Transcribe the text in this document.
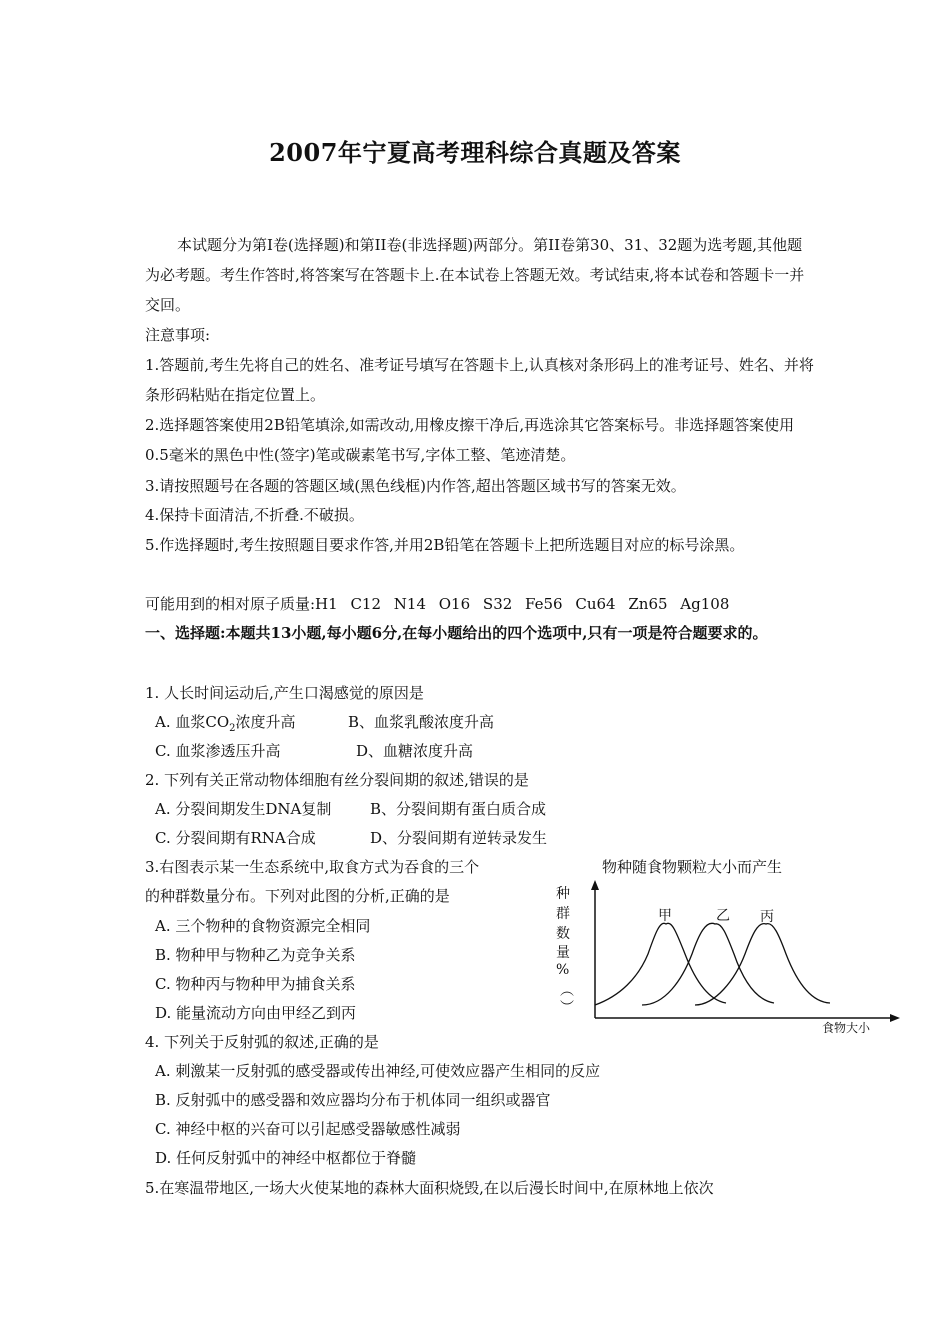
2007年宁夏高考理科综合真题及答案
本试题分为第Ⅰ卷(选择题)和第II卷(非选择题)两部分。第II卷第30、31、32题为选考题,其他题为必考题。考生作答时,将答案写在答题卡上.在本试卷上答题无效。考试结束,将本试卷和答题卡一并交回。
注意事项:
1.答题前,考生先将自己的姓名、准考证号填写在答题卡上,认真核对条形码上的准考证号、姓名、并将条形码粘贴在指定位置上。
2.选择题答案使用2B铅笔填涂,如需改动,用橡皮擦干净后,再选涂其它答案标号。非选择题答案使用0.5毫米的黑色中性(签字)笔或碳素笔书写,字体工整、笔迹清楚。
3.请按照题号在各题的答题区域(黑色线框)内作答,超出答题区域书写的答案无效。
4.保持卡面清洁,不折叠.不破损。
5.作选择题时,考生按照题目要求作答,并用2B铅笔在答题卡上把所选题目对应的标号涂黑。
可能用到的相对原子质量:H1 C12 N14 O16 S32 Fe56 Cu64 Zn65 Ag108
一、选择题:本题共13小题,每小题6分,在每小题给出的四个选项中,只有一项是符合题要求的。
1. 人长时间运动后,产生口渴感觉的原因是
A. 血浆$CO_2$浓度升高	B、血浆乳酸浓度升高
C. 血浆渗透压升高	D、血糖浓度升高
2. 下列有关正常动物体细胞有丝分裂间期的叙述,错误的是
A. 分裂间期发生DNA复制	B、分裂间期有蛋白质合成
C. 分裂间期有RNA合成	D、分裂间期有逆转录发生
3.右图表示某一生态系统中,取食方式为吞食的三个
的种群数量分布。下列对此图的分析,正确的是
A. 三个物种的食物资源完全相同
B. 物种甲与物种乙为竞争关系
C. 物种丙与物种甲为捕食关系
D. 能量流动方向由甲经乙到丙
物种随食物颗粒大小而产生
种
群
数
量
%
︵
︶
食物大小
甲	乙 丙
4. 下列关于反射弧的叙述,正确的是
A. 刺激某一反射弧的感受器或传出神经,可使效应器产生相同的反应
B. 反射弧中的感受器和效应器均分布于机体同一组织或器官
C. 神经中枢的兴奋可以引起感受器敏感性减弱
D. 任何反射弧中的神经中枢都位于脊髓
5.在寒温带地区,一场大火使某地的森林大面积烧毁,在以后漫长时间中,在原林地上依次
